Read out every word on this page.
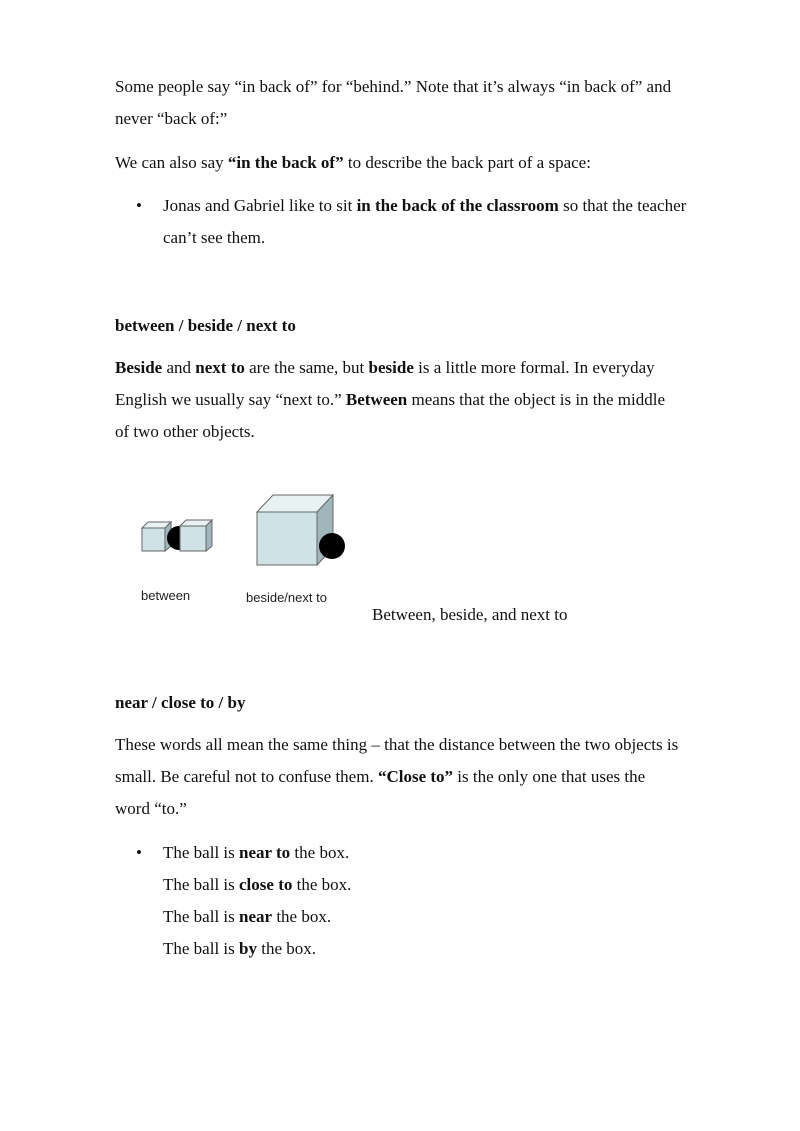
Some people say “in back of” for “behind.” Note that it’s always “in back of” and
never “back of:”

We can also say “in the back of” to describe the back part of a space:

• Jonas and Gabriel like to sit in the back of the classroom so that the teacher
can’t see them.
between / beside / next to

Beside and next to are the same, but beside is a little more formal. In everyday
English we usually say “next to.” Between means that the object is in the middle
of two other objects.

between	beside/next to
Between, beside, and next to
near / close to / by

These words all mean the same thing – that the distance between the two objects is
small. Be careful not to confuse them. “Close to” is the only one that uses the
word “to.”

• The ball is near to the box.
The ball is close to the box.
The ball is near the box.
The ball is by the box.
